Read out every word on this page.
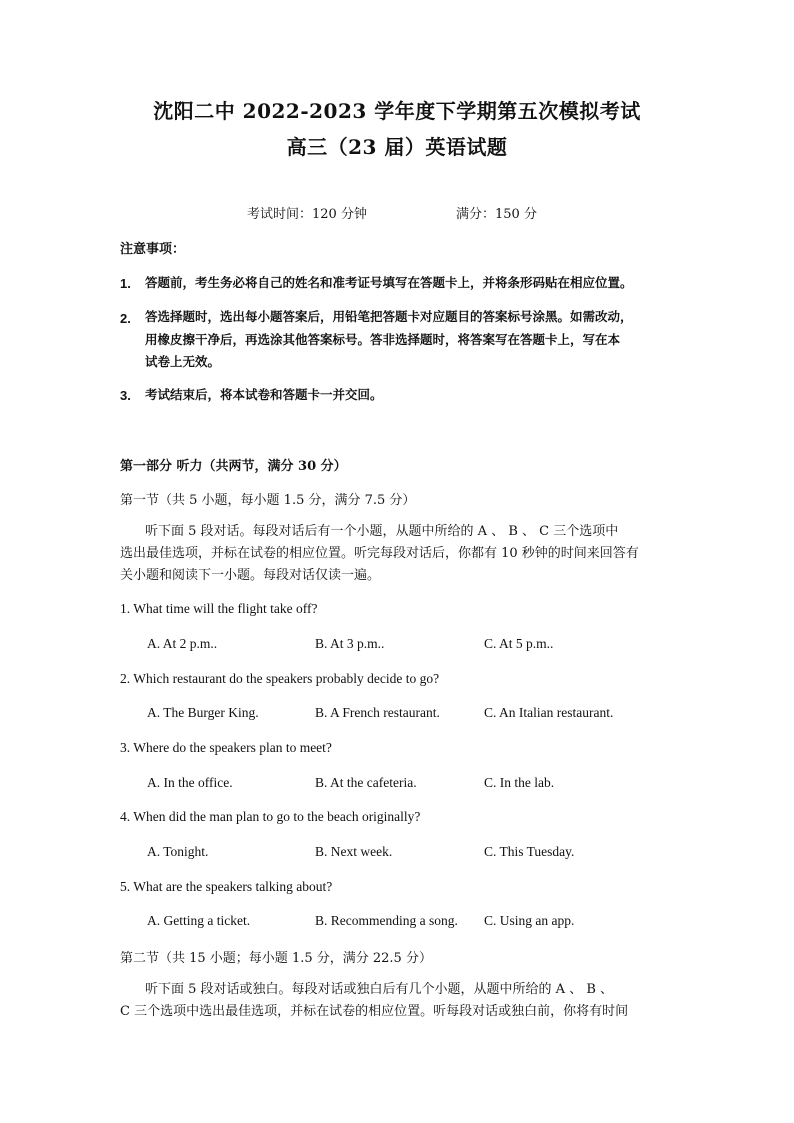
沈阳二中 2022-2023 学年度下学期第五次模拟考试
高三（23 届）英语试题
考试时间：120 分钟	满分：150 分
注意事项：
1. 答题前，考生务必将自己的姓名和准考证号填写在答题卡上，并将条形码贴在相应位置。
2. 答选择题时，选出每小题答案后，用铅笔把答题卡对应题目的答案标号涂黑。如需改动，
用橡皮擦干净后，再选涂其他答案标号。答非选择题时，将答案写在答题卡上，写在本
试卷上无效。
3. 考试结束后，将本试卷和答题卡一并交回。
第一部分 听力（共两节，满分 30 分）
第一节（共 5 小题，每小题 1.5 分，满分 7.5 分）
听下面 5 段对话。每段对话后有一个小题，从题中所给的 A 、 B 、 C 三个选项中
选出最佳选项，并标在试卷的相应位置。听完每段对话后，你都有 10 秒钟的时间来回答有
关小题和阅读下一小题。每段对话仅读一遍。
1. What time will the flight take off?
A. At 2 p.m..	B. At 3 p.m..	C. At 5 p.m..
2. Which restaurant do the speakers probably decide to go?
A. The Burger King.	B. A French restaurant.	C. An Italian restaurant.
3. Where do the speakers plan to meet?
A. In the office.	B. At the cafeteria.	C. In the lab.
4. When did the man plan to go to the beach originally?
A. Tonight.	B. Next week.	C. This Tuesday.
5. What are the speakers talking about?
A. Getting a ticket.	B. Recommending a song. C. Using an app.
第二节（共 15 小题；每小题 1.5 分，满分 22.5 分）
听下面 5 段对话或独白。每段对话或独白后有几个小题，从题中所给的 A 、 B 、
C 三个选项中选出最佳选项，并标在试卷的相应位置。听每段对话或独白前，你将有时间
